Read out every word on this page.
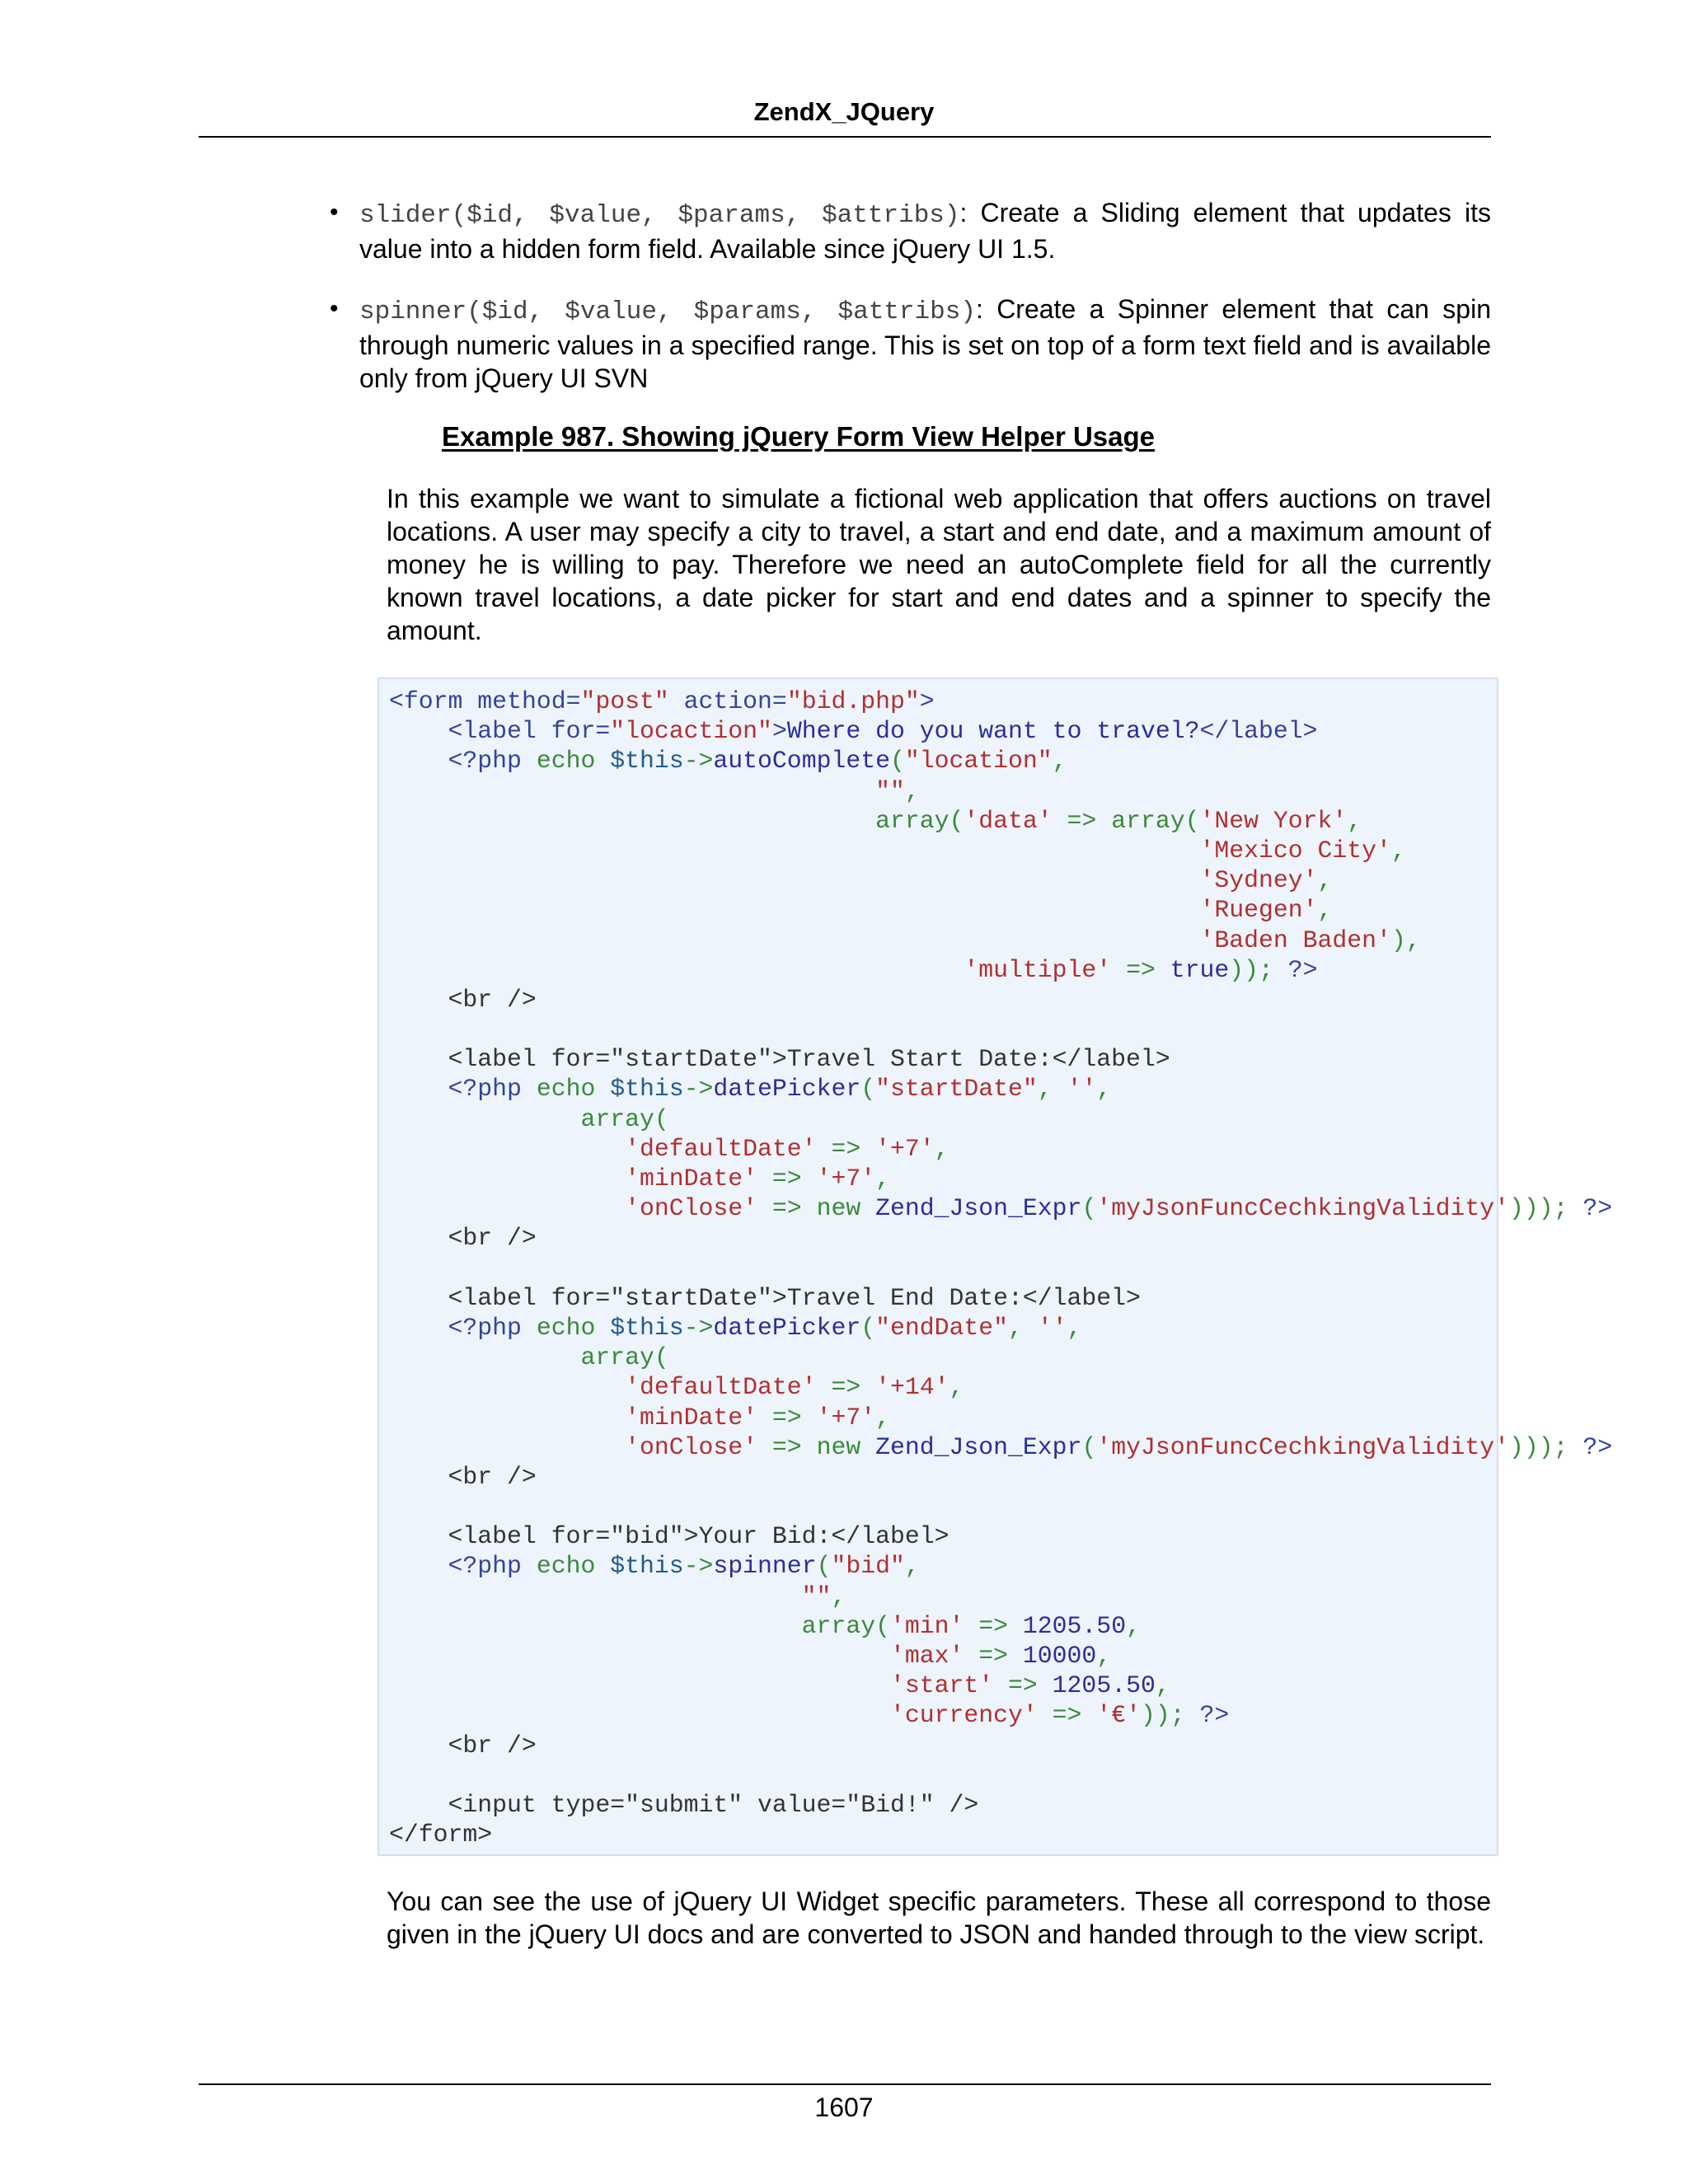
ZendX_JQuery
• slider($id, $value, $params, $attribs): Create a Sliding element that updates its value into a hidden form field. Available since jQuery UI 1.5.
• spinner($id, $value, $params, $attribs): Create a Spinner element that can spin through numeric values in a specified range. This is set on top of a form text field and is available only from jQuery UI SVN
Example 987. Showing jQuery Form View Helper Usage

In this example we want to simulate a fictional web application that offers auctions on travel locations. A user may specify a city to travel, a start and end date, and a maximum amount of money he is willing to pay. Therefore we need an autoComplete field for all the currently known travel locations, a date picker for start and end dates and a spinner to specify the amount.

<form method="post" action="bid.php">
<label for="locaction">Where do you want to travel?</label>
<?php echo $this->autoComplete("location",
"",
array('data' => array('New York',
'Mexico City',
'Sydney',
'Ruegen',
'Baden Baden'),
'multiple' => true)); ?>
<br />
<label for="startDate">Travel Start Date:</label>
<?php echo $this->datePicker("startDate", '',
array(
'defaultDate' => '+7',
'minDate' => '+7',
'onClose' => new Zend_Json_Expr('myJsonFuncCechkingValidity'))); ?>
<br />
<label for="startDate">Travel End Date:</label>
<?php echo $this->datePicker("endDate", '',
array(
'defaultDate' => '+14',
'minDate' => '+7',
'onClose' => new Zend_Json_Expr('myJsonFuncCechkingValidity'))); ?>
<br />
<label for="bid">Your Bid:</label>
<?php echo $this->spinner("bid",
"",
array('min' => 1205.50,
'max' => 10000,
'start' => 1205.50,
'currency' => '€')); ?>
<br />
<input type="submit" value="Bid!" />
</form>

You can see the use of jQuery UI Widget specific parameters. These all correspond to those given in the jQuery UI docs and are converted to JSON and handed through to the view script.

1607
